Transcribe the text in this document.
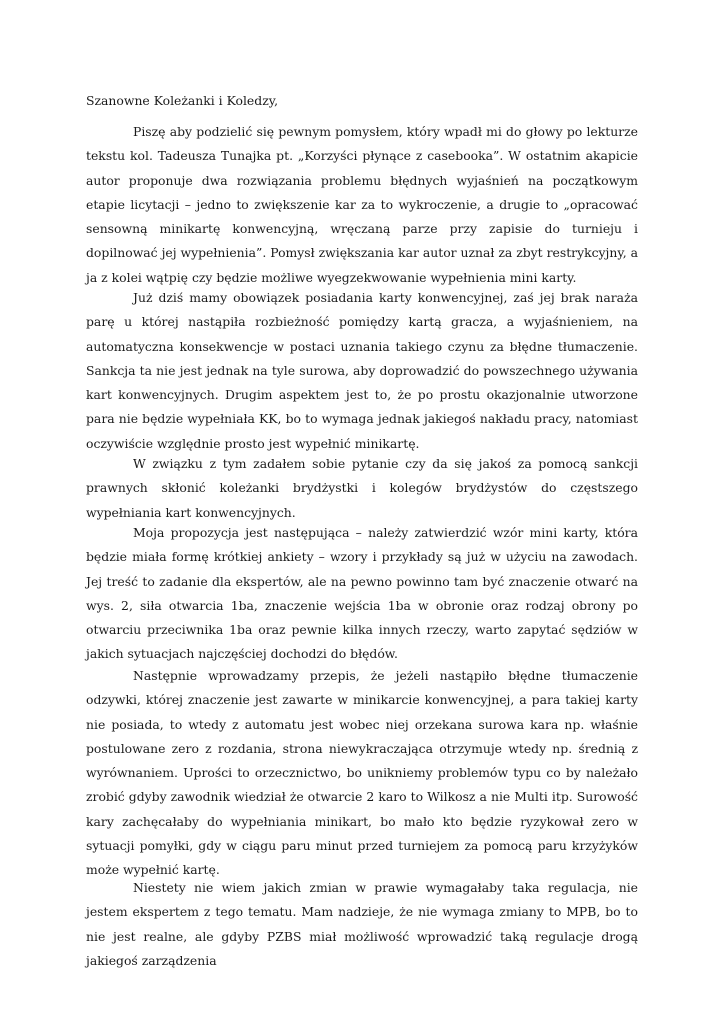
Szanowne Koleżanki i Koledzy,

Piszę aby podzielić się pewnym pomysłem, który wpadł mi do głowy po lekturze tekstu kol. Tadeusza Tunajka pt. „Korzyści płynące z casebooka”. W ostatnim akapicie autor proponuje dwa rozwiązania problemu błędnych wyjaśnień na początkowym etapie licytacji – jedno to zwiększenie kar za to wykroczenie, a drugie to „opracować sensowną minikartę konwencyjną, wręczaną parze przy zapisie do turnieju i dopilnować jej wypełnienia”. Pomysł zwiększania kar autor uznał za zbyt restrykcyjny, a ja z kolei wątpię czy będzie możliwe wyegzekwowanie wypełnienia mini karty.

Już dziś mamy obowiązek posiadania karty konwencyjnej, zaś jej brak naraża parę u której nastąpiła rozbieżność pomiędzy kartą gracza, a wyjaśnieniem, na automatyczna konsekwencje w postaci uznania takiego czynu za błędne tłumaczenie. Sankcja ta nie jest jednak na tyle surowa, aby doprowadzić do powszechnego używania kart konwencyjnych. Drugim aspektem jest to, że po prostu okazjonalnie utworzone para nie będzie wypełniała KK, bo to wymaga jednak jakiegoś nakładu pracy, natomiast oczywiście względnie prosto jest wypełnić minikartę.

W związku z tym zadałem sobie pytanie czy da się jakoś za pomocą sankcji prawnych skłonić koleżanki brydżystki i kolegów brydżystów do częstszego wypełniania kart konwencyjnych.

Moja propozycja jest następująca – należy zatwierdzić wzór mini karty, która będzie miała formę krótkiej ankiety – wzory i przykłady są już w użyciu na zawodach. Jej treść to zadanie dla ekspertów, ale na pewno powinno tam być znaczenie otwarć na wys. 2, siła otwarcia 1ba, znaczenie wejścia 1ba w obronie oraz rodzaj obrony po otwarciu przeciwnika 1ba oraz pewnie kilka innych rzeczy, warto zapytać sędziów w jakich sytuacjach najczęściej dochodzi do błędów.

Następnie wprowadzamy przepis, że jeżeli nastąpiło błędne tłumaczenie odzywki, której znaczenie jest zawarte w minikarcie konwencyjnej, a para takiej karty nie posiada, to wtedy z automatu jest wobec niej orzekana surowa kara np. właśnie postulowane zero z rozdania, strona niewykraczająca otrzymuje wtedy np. średnią z wyrównaniem. Uprości to orzecznictwo, bo unikniemy problemów typu co by należało zrobić gdyby zawodnik wiedział że otwarcie 2 karo to Wilkosz a nie Multi itp. Surowość kary zachęcałaby do wypełniania minikart, bo mało kto będzie ryzykował zero w sytuacji pomyłki, gdy w ciągu paru minut przed turniejem za pomocą paru krzyżyków może wypełnić kartę.

Niestety nie wiem jakich zmian w prawie wymagałaby taka regulacja, nie jestem ekspertem z tego tematu. Mam nadzieje, że nie wymaga zmiany to MPB, bo to nie jest realne, ale gdyby PZBS miał możliwość wprowadzić taką regulacje drogą jakiegoś zarządzenia
